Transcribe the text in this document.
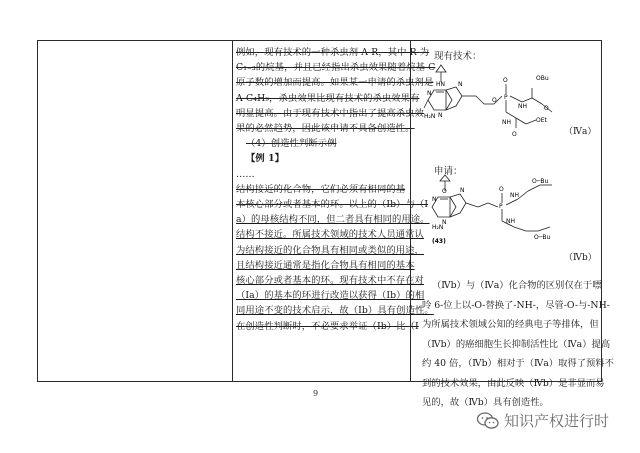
例如，现有技术的一种杀虫剂 A-R，其中 R 为

C₁₋₃的烷基，并且已经指出杀虫效果随着烷基 C

原子数的增加而提高。如果某一申请的杀虫剂是

A-C₄H₉，杀虫效果比现有技术的杀虫效果有

明显提高。由于现有技术中指出了提高杀虫效

果的必然趋势，因此该申请不具备创造性。

（4）创造性判断示例

【例 1】

……

结构接近的化合物，它们必须有相同的基

本核心部分或者基本的环。以上的（Ⅰb）与（Ⅰ

a）的母核结构不同，但二者具有相同的用途。

结构不接近。所属技术领域的技术人员通常认

为结构接近的化合物具有相同或类似的用途，

且结构接近通常是指化合物具有相同的基本

核心部分或者基本的环。现有技术中不存在对

（Ⅰa）的基本的环进行改造以获得（Ⅰb）的相

同用途不变的技术启示，故（Ⅰb）具有创造性。

在创造性判断时，不必要求举证（Ⅰb）比（Ⅰ

现有技术：
HN
N
N
N
H₂N
O P
O
NH
OBu
NH	OEt
O
O	（Ⅳa）
申请：
O
N
N
N
H₂N
(43)
P
O
NH
O─Bu
NH
O─Bu
（Ⅳb）

（Ⅳb）与（Ⅳa）化合物的区别仅在于嘌

呤 6-位上以-O-替换了-NH-，尽管-O-与-NH-

为所属技术领域公知的经典电子等排体，但

（Ⅳb）的癌细胞生长抑制活性比（Ⅳa）提高

约 40 倍，（Ⅳb）相对于（Ⅳa）取得了预料不

到的技术效果，由此反映（Ⅳb）是非显而易

见的，故（Ⅳb）具有创造性。

9
知识产权进行时
